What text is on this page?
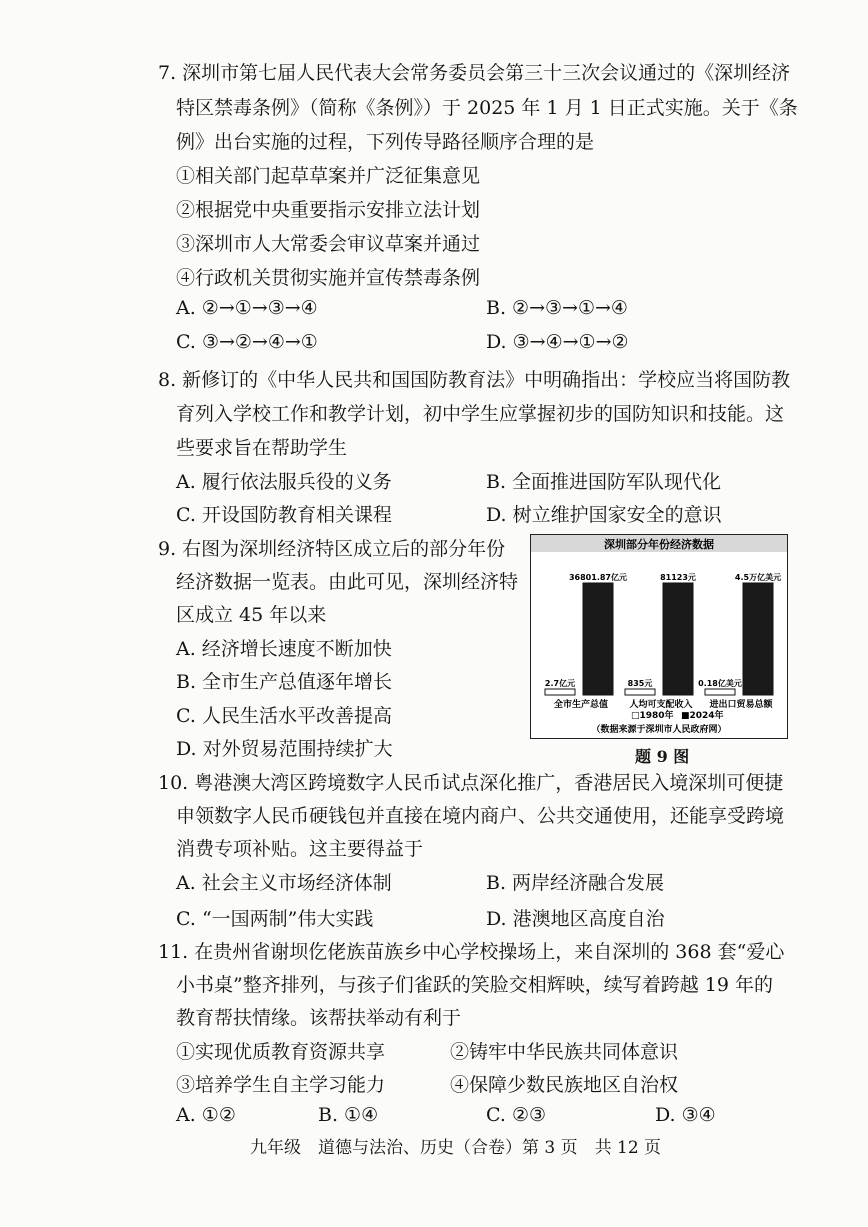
7. 深圳市第七届人民代表大会常务委员会第三十三次会议通过的《深圳经济
特区禁毒条例》（简称《条例》）于 2025 年 1 月 1 日正式实施。关于《条
例》出台实施的过程，下列传导路径顺序合理的是
①相关部门起草草案并广泛征集意见
②根据党中央重要指示安排立法计划
③深圳市人大常委会审议草案并通过
④行政机关贯彻实施并宣传禁毒条例
A. ②→①→③→④	B. ②→③→①→④
C. ③→②→④→①	D. ③→④→①→②
8. 新修订的《中华人民共和国国防教育法》中明确指出：学校应当将国防教
育列入学校工作和教学计划，初中学生应掌握初步的国防知识和技能。这
些要求旨在帮助学生
A. 履行依法服兵役的义务	B. 全面推进国防军队现代化
C. 开设国防教育相关课程	D. 树立维护国家安全的意识
9. 右图为深圳经济特区成立后的部分年份
经济数据一览表。由此可见，深圳经济特
区成立 45 年以来
A. 经济增长速度不断加快
B. 全市生产总值逐年增长
C. 人民生活水平改善提高
D. 对外贸易范围持续扩大
深圳部分年份经济数据
2.7亿元
36801.87亿元
全市生产总值
835元
81123元
人均可支配收入
0.18亿美元
4.5万亿美元
进出口贸易总额
□1980年 ■2024年
（数据来源于深圳市人民政府网）
题 9 图
10. 粤港澳大湾区跨境数字人民币试点深化推广，香港居民入境深圳可便捷
申领数字人民币硬钱包并直接在境内商户、公共交通使用，还能享受跨境
消费专项补贴。这主要得益于
A. 社会主义市场经济体制	B. 两岸经济融合发展
C. “一国两制”伟大实践	D. 港澳地区高度自治
11. 在贵州省谢坝仡佬族苗族乡中心学校操场上，来自深圳的 368 套“爱心
小书桌”整齐排列，与孩子们雀跃的笑脸交相辉映，续写着跨越 19 年的
教育帮扶情缘。该帮扶举动有利于
①实现优质教育资源共享	②铸牢中华民族共同体意识
③培养学生自主学习能力	④保障少数民族地区自治权
A. ①②	B. ①④	C. ②③	D. ③④
九年级　道德与法治、历史（合卷）第 3 页　共 12 页
